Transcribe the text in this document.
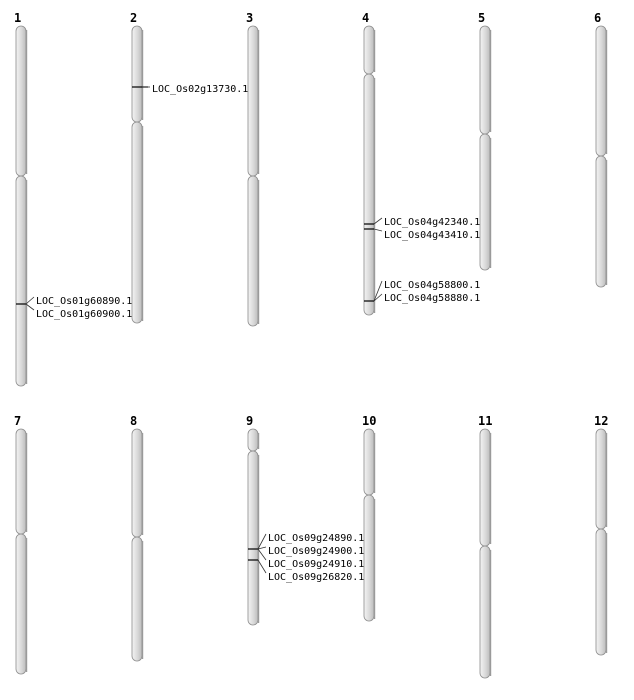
1
LOC_Os01g60890.1
LOC_Os01g60900.1
2
LOC_Os02g13730.1
3	4
LOC_Os04g42340.1
LOC_Os04g43410.1
LOC_Os04g58800.1
LOC_Os04g58880.1
5	6
7	8	9
LOC_Os09g24890.1
LOC_Os09g24900.1
LOC_Os09g24910.1
LOC_Os09g26820.1
10	11	12
